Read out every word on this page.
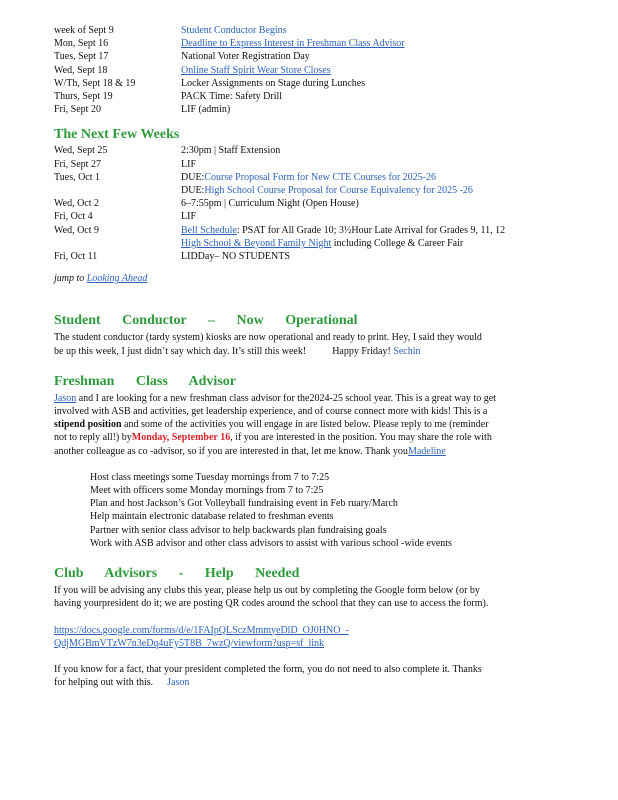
week of Sept 9	Student Conductor Begins
Mon, Sept 16	Deadline to Express Interest in Freshman Class Advisor
Tues, Sept 17	National Voter Registration Day
Wed, Sept 18	Online Staff Spirit Wear Store Closes
W/Th, Sept 18 & 19	Locker Assignments on Stage during Lunches
Thurs, Sept 19	PACK Time: Safety Drill
Fri, Sept 20	LIF (admin)
The Next Few Weeks
Wed, Sept 25	2:30pm | Staff Extension
Fri, Sept 27	LIF
Tues, Oct 1	DUE:Course Proposal Form for New CTE Courses for 2025-26
DUE:High School Course Proposal for Course Equivalency for 2025 -26
Wed, Oct 2	6–7:55pm | Curriculum Night (Open House)
Fri, Oct 4	LIF
Wed, Oct 9	Bell Schedule: PSAT for All Grade 10; 3½Hour Late Arrival for Grades 9, 11, 12
High School & Beyond Family Night including College & Career Fair
Fri, Oct 11	LIDDay– NO STUDENTS

jump to Looking Ahead

Student Conductor – Now Operational

The student conductor (tardy system) kiosks are now operational and ready to print. Hey, I said they would

be up this week, I just didn’t say which day. It’s still this week!	Happy Friday! Sechin

Freshman Class Advisor

Jason and I are looking for a new freshman class advisor for the2024-25 school year. This is a great way to get

involved with ASB and activities, get leadership experience, and of course connect more with kids! This is a

stipend position and some of the activities you will engage in are listed below. Please reply to me (reminder

not to reply all!) byMonday, September 16, if you are interested in the position. You may share the role with

another colleague as co -advisor, so if you are interested in that, let me know. Thank youMadeline

Host class meetings some Tuesday mornings from 7 to 7:25
Meet with officers some Monday mornings from 7 to 7:25
Plan and host Jackson’s Got Volleyball fundraising event in Feb ruary/March
Help maintain electronic database related to freshman events
Partner with senior class advisor to help backwards plan fundraising goals
Work with ASB advisor and other class advisors to assist with various school -wide events
Club Advisors - Help Needed

If you will be advising any clubs this year, please help us out by completing the Google form below (or by

having yourpresident do it; we are posting QR codes around the school that they can use to access the form).

https://docs.google.com/forms/d/e/1FAIpQLSczMmmyeDlD_OJ0HNO_-
QdjMGBmVTzW7n3eDq4uFy5T8B_7wzQ/viewform?usp=sf_link

If you know for a fact, that your president completed the form, you do not need to also complete it. Thanks

for helping out with this. Jason
